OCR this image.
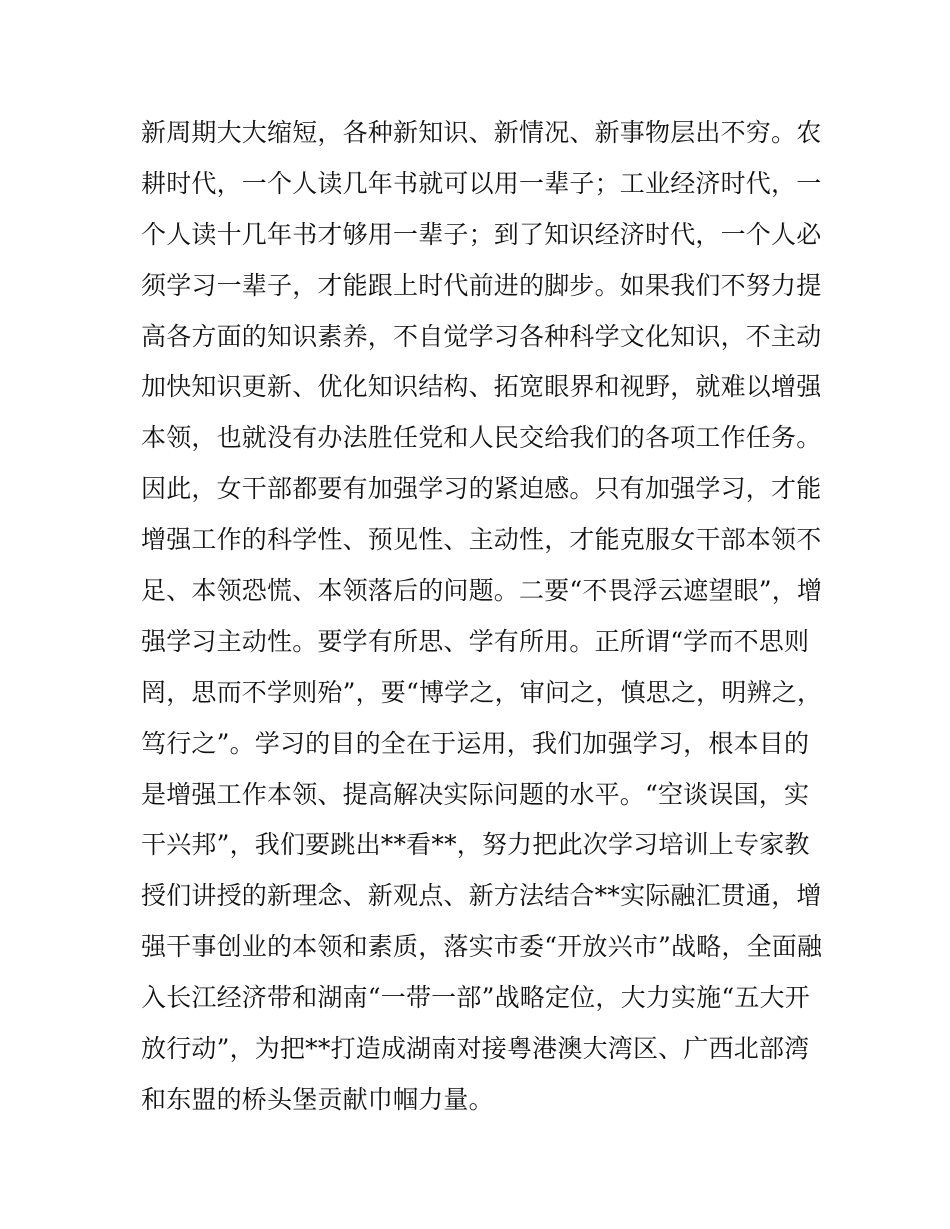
新周期大大缩短，各种新知识、新情况、新事物层出不穷。农
耕时代，一个人读几年书就可以用一辈子；工业经济时代，一
个人读十几年书才够用一辈子；到了知识经济时代，一个人必
须学习一辈子，才能跟上时代前进的脚步。如果我们不努力提
高各方面的知识素养，不自觉学习各种科学文化知识，不主动
加快知识更新、优化知识结构、拓宽眼界和视野，就难以增强
本领，也就没有办法胜任党和人民交给我们的各项工作任务。
因此，女干部都要有加强学习的紧迫感。只有加强学习，才能
增强工作的科学性、预见性、主动性，才能克服女干部本领不
足、本领恐慌、本领落后的问题。二要“不畏浮云遮望眼”，增
强学习主动性。要学有所思、学有所用。正所谓“学而不思则
罔，思而不学则殆”，要“博学之，审问之，慎思之，明辨之，
笃行之”。学习的目的全在于运用，我们加强学习，根本目的
是增强工作本领、提高解决实际问题的水平。“空谈误国，实
干兴邦”，我们要跳出**看**，努力把此次学习培训上专家教
授们讲授的新理念、新观点、新方法结合**实际融汇贯通，增
强干事创业的本领和素质，落实市委“开放兴市”战略，全面融
入长江经济带和湖南“一带一部”战略定位，大力实施“五大开
放行动”，为把**打造成湖南对接粤港澳大湾区、广西北部湾
和东盟的桥头堡贡献巾帼力量。
